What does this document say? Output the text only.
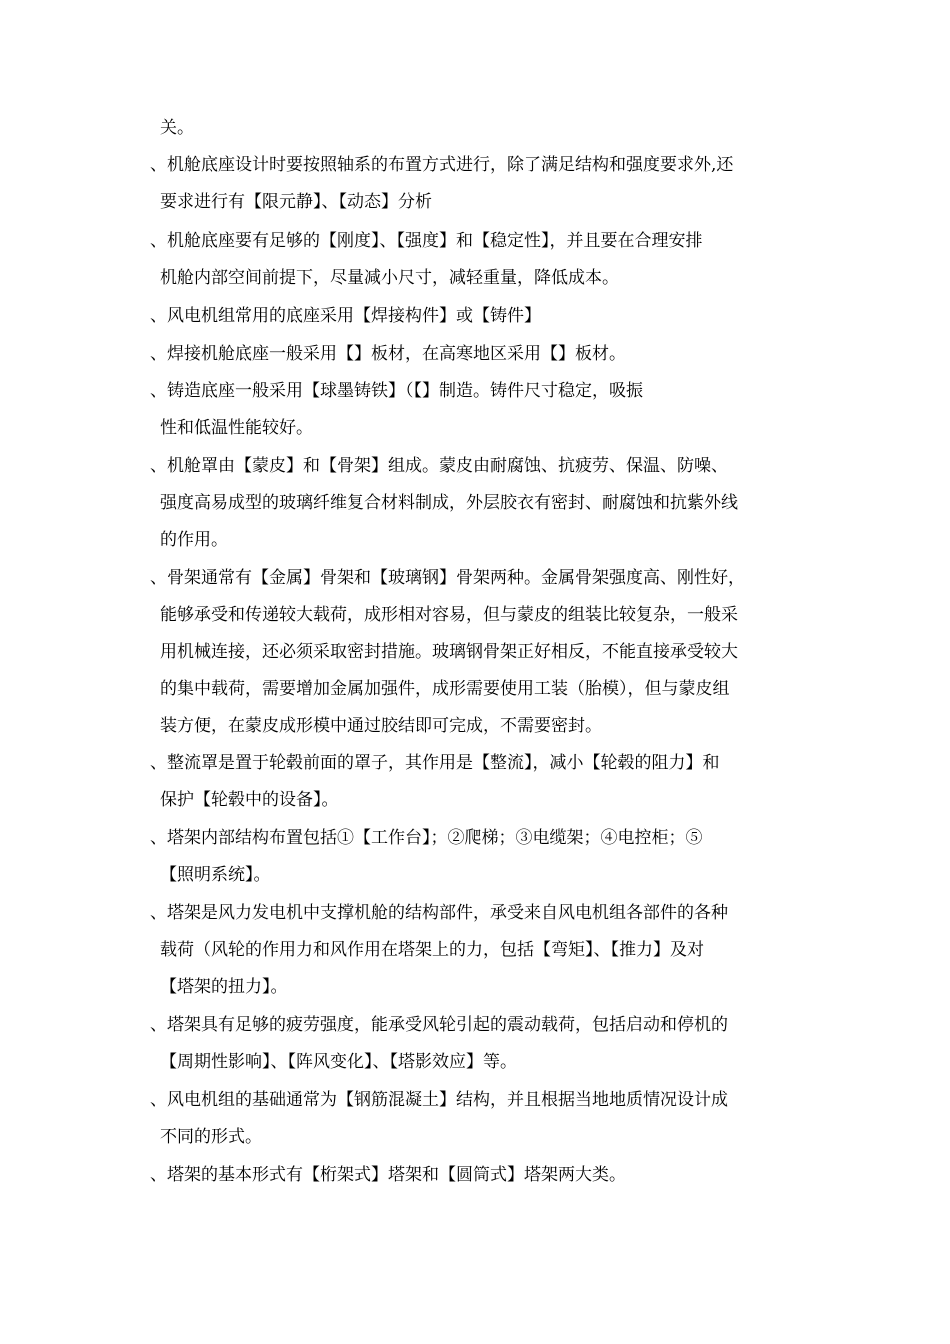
关。
、机舱底座设计时要按照轴系的布置方式进行，除了满足结构和强度要求外,还
要求进行有【限元静】、【动态】分析
、机舱底座要有足够的【刚度】、【强度】和【稳定性】，并且要在合理安排
机舱内部空间前提下，尽量减小尺寸，减轻重量，降低成本。
、风电机组常用的底座采用【焊接构件】或【铸件】
、焊接机舱底座一般采用【】板材，在高寒地区采用【】板材。
、铸造底座一般采用【球墨铸铁】（【】制造。铸件尺寸稳定，吸振
性和低温性能较好。
、机舱罩由【蒙皮】和【骨架】组成。蒙皮由耐腐蚀、抗疲劳、保温、防噪、
强度高易成型的玻璃纤维复合材料制成，外层胶衣有密封、耐腐蚀和抗紫外线
的作用。
、骨架通常有【金属】骨架和【玻璃钢】骨架两种。金属骨架强度高、刚性好，
能够承受和传递较大载荷，成形相对容易，但与蒙皮的组装比较复杂，一般采
用机械连接，还必须采取密封措施。玻璃钢骨架正好相反，不能直接承受较大
的集中载荷，需要增加金属加强件，成形需要使用工装（胎模），但与蒙皮组
装方便，在蒙皮成形模中通过胶结即可完成，不需要密封。
、整流罩是置于轮毂前面的罩子，其作用是【整流】，减小【轮毂的阻力】和
保护【轮毂中的设备】。
、塔架内部结构布置包括①【工作台】；②爬梯；③电缆架；④电控柜；⑤
【照明系统】。
、塔架是风力发电机中支撑机舱的结构部件，承受来自风电机组各部件的各种
载荷（风轮的作用力和风作用在塔架上的力，包括【弯矩】、【推力】及对
【塔架的扭力】。
、塔架具有足够的疲劳强度，能承受风轮引起的震动载荷，包括启动和停机的
【周期性影响】、【阵风变化】、【塔影效应】等。
、风电机组的基础通常为【钢筋混凝土】结构，并且根据当地地质情况设计成
不同的形式。
、塔架的基本形式有【桁架式】塔架和【圆筒式】塔架两大类。
